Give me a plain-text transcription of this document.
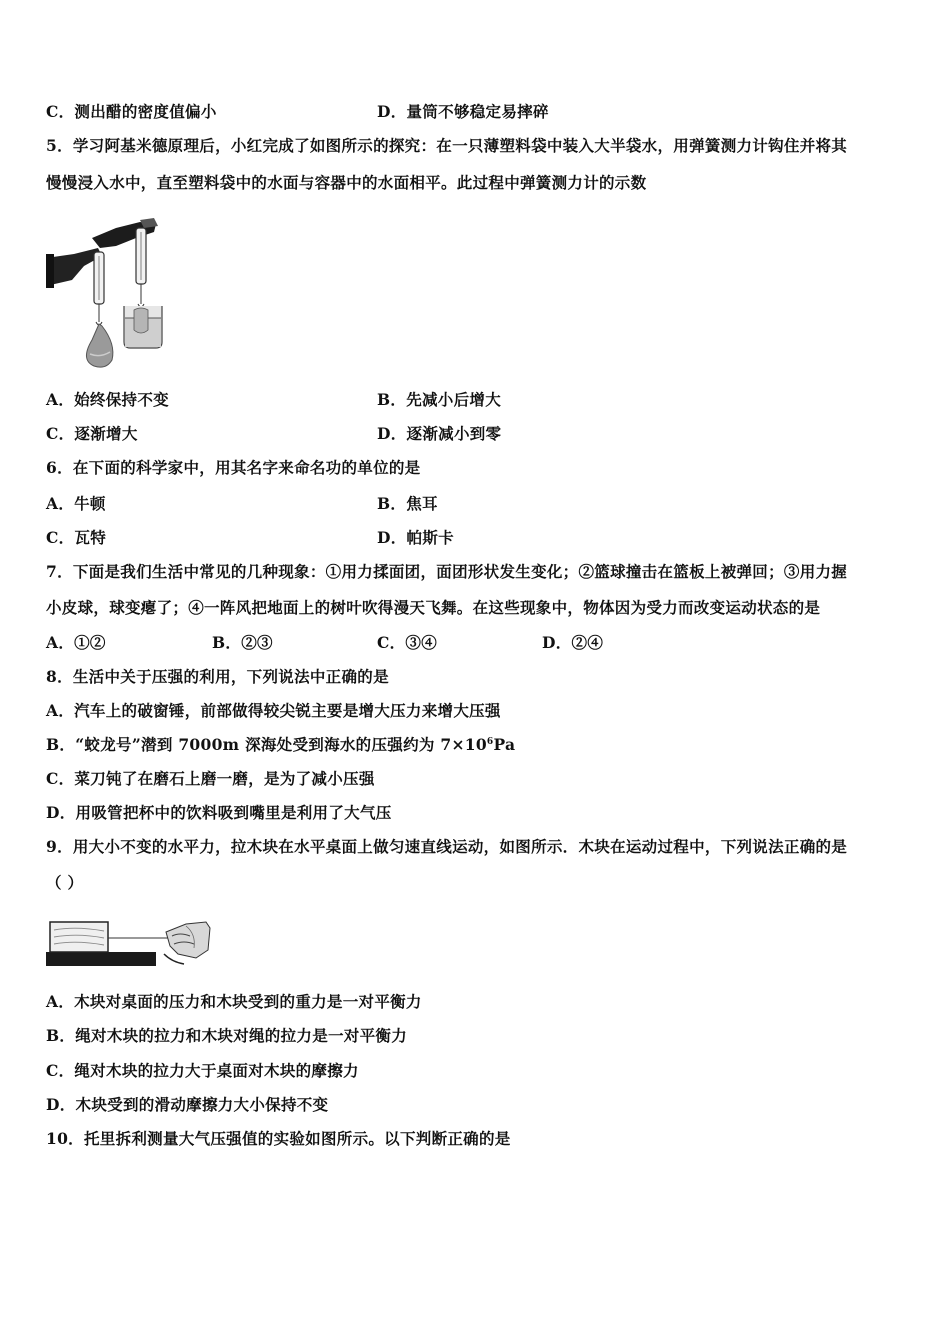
C．测出醋的密度值偏小	D．量筒不够稳定易摔碎
5．学习阿基米德原理后，小红完成了如图所示的探究：在一只薄塑料袋中装入大半袋水，用弹簧测力计钩住并将其
慢慢浸入水中，直至塑料袋中的水面与容器中的水面相平。此过程中弹簧测力计的示数
A．始终保持不变	B．先减小后增大
C．逐渐增大	D．逐渐减小到零
6．在下面的科学家中，用其名字来命名功的单位的是
A．牛顿	B．焦耳
C．瓦特	D．帕斯卡
7．下面是我们生活中常见的几种现象：①用力揉面团，面团形状发生变化；②篮球撞击在篮板上被弹回；③用力握
小皮球，球变瘪了；④一阵风把地面上的树叶吹得漫天飞舞。在这些现象中，物体因为受力而改变运动状态的是
A．①②	B．②③	C．③④	D．②④
8．生活中关于压强的利用，下列说法中正确的是
A．汽车上的破窗锤，前部做得较尖锐主要是增大压力来增大压强
B．“蛟龙号”潜到 7000m 深海处受到海水的压强约为 $7\times 10^6Pa$
C．菜刀钝了在磨石上磨一磨，是为了减小压强
D．用吸管把杯中的饮料吸到嘴里是利用了大气压
9．用大小不变的水平力，拉木块在水平桌面上做匀速直线运动，如图所示．木块在运动过程中，下列说法正确的是
（ ）
A．木块对桌面的压力和木块受到的重力是一对平衡力
B．绳对木块的拉力和木块对绳的拉力是一对平衡力
C．绳对木块的拉力大于桌面对木块的摩擦力
D．木块受到的滑动摩擦力大小保持不变
10．托里拆利测量大气压强值的实验如图所示。以下判断正确的是
